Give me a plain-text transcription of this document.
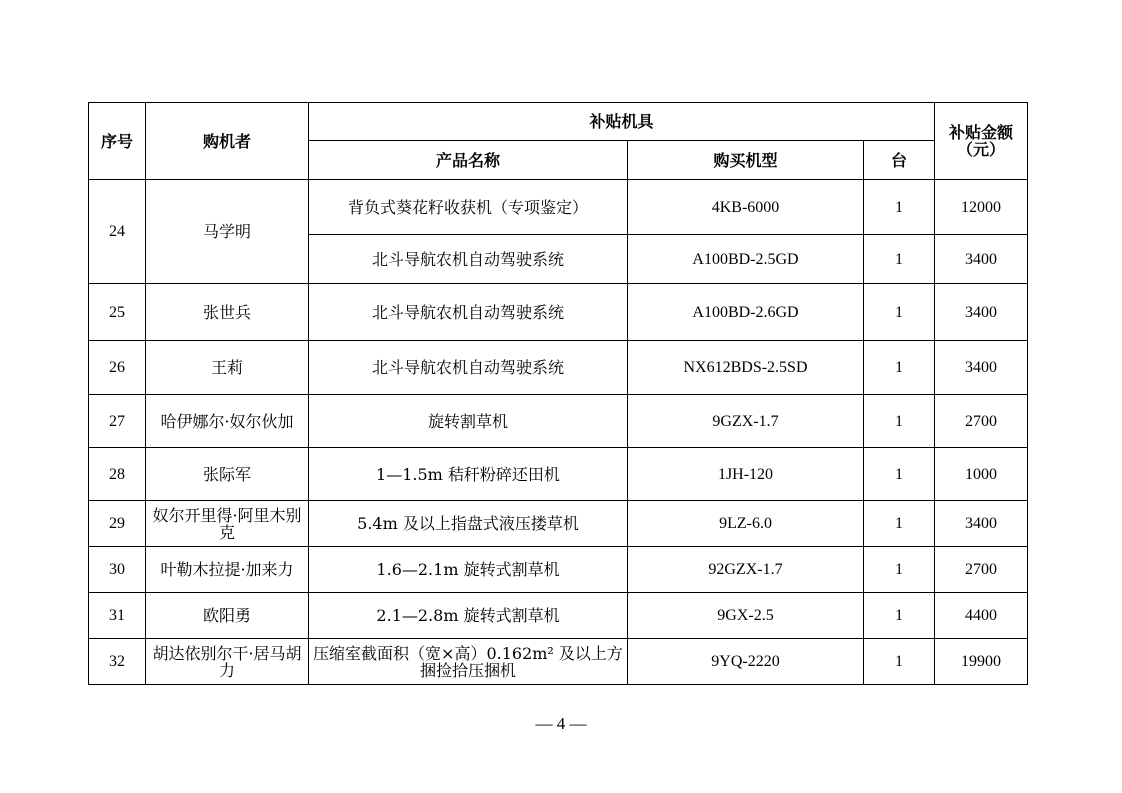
序号	购机者	补贴机具			补贴金额（元）
		产品名称	购买机型	台	
24	马学明	背负式葵花籽收获机（专项鉴定）	4KB-6000	1	12000
		北斗导航农机自动驾驶系统	A100BD-2.5GD	1	3400
25	张世兵	北斗导航农机自动驾驶系统	A100BD-2.6GD	1	3400
26	王莉	北斗导航农机自动驾驶系统	NX612BDS-2.5SD	1	3400
27	哈伊娜尔·奴尔伙加	旋转割草机	9GZX-1.7	1	2700
28	张际军	1—1.5m 秸秆粉碎还田机	1JH-120	1	1000
29	奴尔开里得·阿里木别克	5.4m 及以上指盘式液压搂草机	9LZ-6.0	1	3400
30	叶勒木拉提·加来力	1.6—2.1m 旋转式割草机	92GZX-1.7	1	2700
31	欧阳勇	2.1—2.8m 旋转式割草机	9GX-2.5	1	4400
32	胡达依别尔干·居马胡力	压缩室截面积（宽×高）0.162m² 及以上方捆捡拾压捆机	9YQ-2220	1	19900
— 4 —
